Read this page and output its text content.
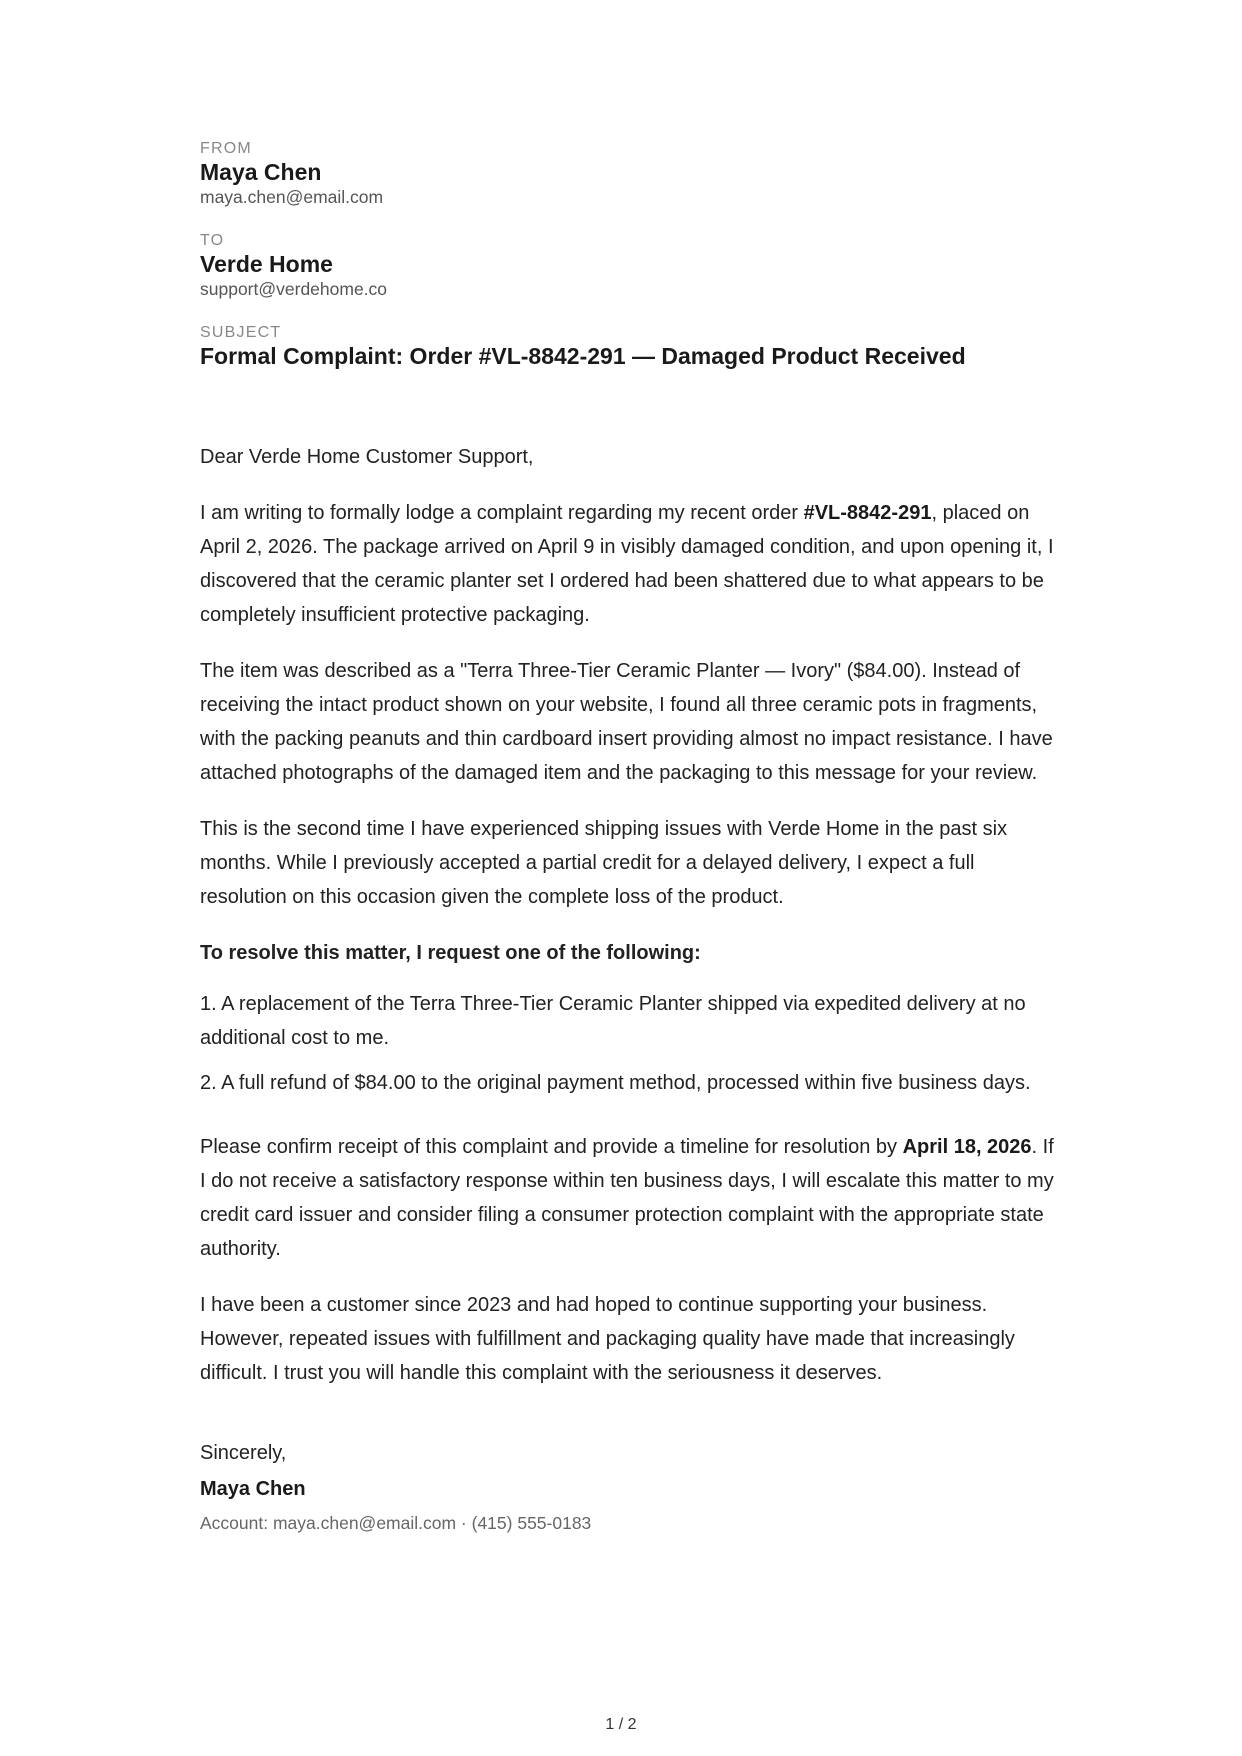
FROM

Maya Chen

maya.chen@email.com

TO

Verde Home

support@verdehome.co

SUBJECT

Formal Complaint: Order #VL-8842-291 — Damaged Product Received

Dear Verde Home Customer Support,

I am writing to formally lodge a complaint regarding my recent order #VL-8842-291, placed on April 2, 2026. The package arrived on April 9 in visibly damaged condition, and upon opening it, I discovered that the ceramic planter set I ordered had been shattered due to what appears to be completely insufficient protective packaging.

The item was described as a "Terra Three-Tier Ceramic Planter — Ivory" ($84.00). Instead of receiving the intact product shown on your website, I found all three ceramic pots in fragments, with the packing peanuts and thin cardboard insert providing almost no impact resistance. I have attached photographs of the damaged item and the packaging to this message for your review.

This is the second time I have experienced shipping issues with Verde Home in the past six months. While I previously accepted a partial credit for a delayed delivery, I expect a full resolution on this occasion given the complete loss of the product.

To resolve this matter, I request one of the following:

1. A replacement of the Terra Three-Tier Ceramic Planter shipped via expedited delivery at no additional cost to me.

2. A full refund of $84.00 to the original payment method, processed within five business days.

Please confirm receipt of this complaint and provide a timeline for resolution by April 18, 2026. If I do not receive a satisfactory response within ten business days, I will escalate this matter to my credit card issuer and consider filing a consumer protection complaint with the appropriate state authority.

I have been a customer since 2023 and had hoped to continue supporting your business. However, repeated issues with fulfillment and packaging quality have made that increasingly difficult. I trust you will handle this complaint with the seriousness it deserves.

Sincerely,

Maya Chen

Account: maya.chen@email.com · (415) 555-0183

1 / 2
